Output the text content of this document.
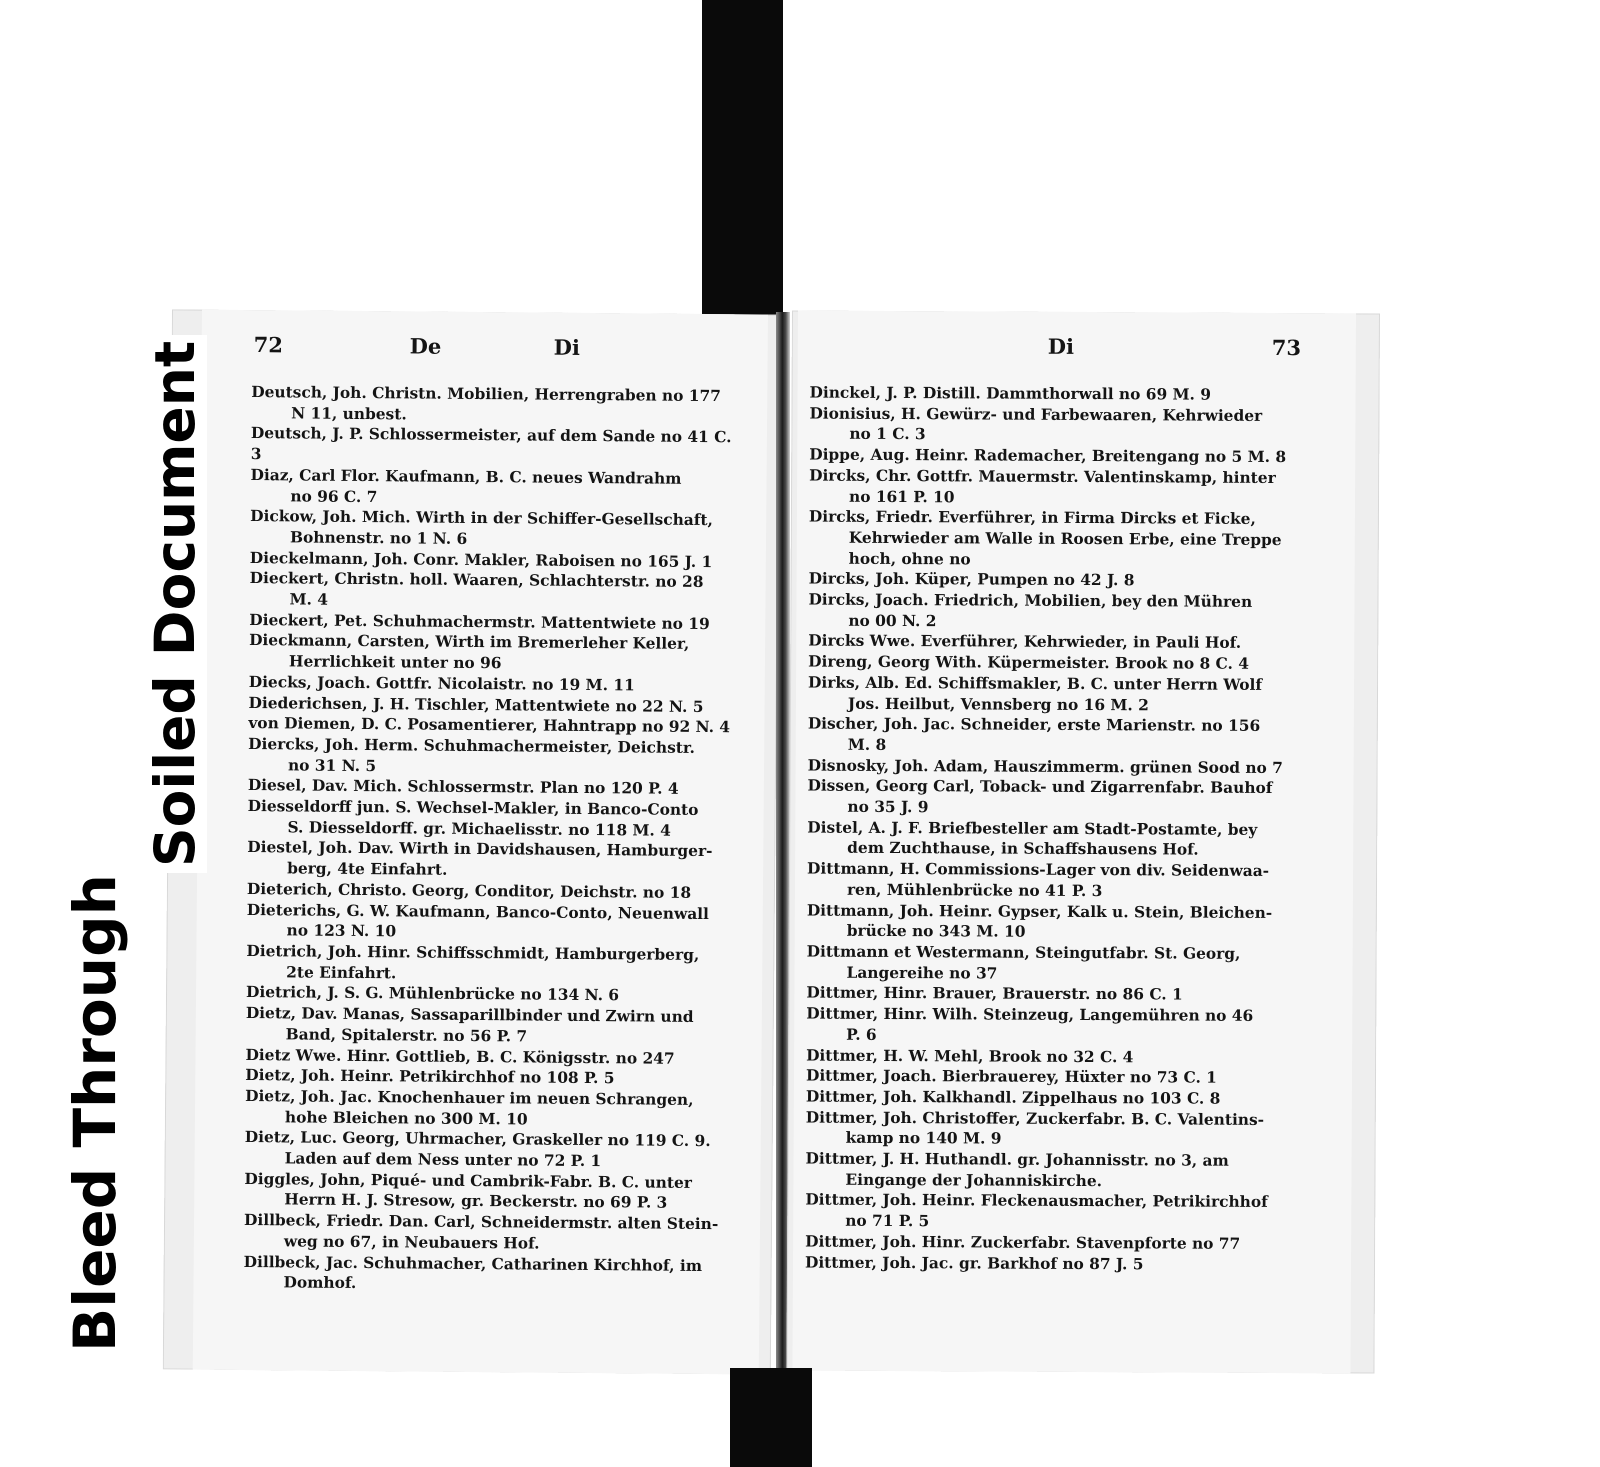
72	De	Di
Deutsch, Joh. Christn. Mobilien, Herrengraben no 177
N 11, unbest.
Deutsch, J. P. Schlossermeister, auf dem Sande no 41 C. 3
Diaz, Carl Flor. Kaufmann, B. C. neues Wandrahm
no 96 C. 7
Dickow, Joh. Mich. Wirth in der Schiffer-Gesellschaft,
Bohnenstr. no 1 N. 6
Dieckelmann, Joh. Conr. Makler, Raboisen no 165 J. 1
Dieckert, Christn. holl. Waaren, Schlachterstr. no 28
M. 4
Dieckert, Pet. Schuhmachermstr. Mattentwiete no 19
Dieckmann, Carsten, Wirth im Bremerleher Keller,
Herrlichkeit unter no 96
Diecks, Joach. Gottfr. Nicolaistr. no 19 M. 11
Diederichsen, J. H. Tischler, Mattentwiete no 22 N. 5
von Diemen, D. C. Posamentierer, Hahntrapp no 92 N. 4
Diercks, Joh. Herm. Schuhmachermeister, Deichstr.
no 31 N. 5
Diesel, Dav. Mich. Schlossermstr. Plan no 120 P. 4
Diesseldorff jun. S. Wechsel-Makler, in Banco-Conto
S. Diesseldorff. gr. Michaelisstr. no 118 M. 4
Diestel, Joh. Dav. Wirth in Davidshausen, Hamburger-
berg, 4te Einfahrt.
Dieterich, Christo. Georg, Conditor, Deichstr. no 18
Dieterichs, G. W. Kaufmann, Banco-Conto, Neuenwall
no 123 N. 10
Dietrich, Joh. Hinr. Schiffsschmidt, Hamburgerberg,
2te Einfahrt.
Dietrich, J. S. G. Mühlenbrücke no 134 N. 6
Dietz, Dav. Manas, Sassaparillbinder und Zwirn und
Band, Spitalerstr. no 56 P. 7
Dietz Wwe. Hinr. Gottlieb, B. C. Königsstr. no 247
Dietz, Joh. Heinr. Petrikirchhof no 108 P. 5
Dietz, Joh. Jac. Knochenhauer im neuen Schrangen,
hohe Bleichen no 300 M. 10
Dietz, Luc. Georg, Uhrmacher, Graskeller no 119 C. 9.
Laden auf dem Ness unter no 72 P. 1
Diggles, John, Piqué- und Cambrik-Fabr. B. C. unter
Herrn H. J. Stresow, gr. Beckerstr. no 69 P. 3
Dillbeck, Friedr. Dan. Carl, Schneidermstr. alten Stein-
weg no 67, in Neubauers Hof.
Dillbeck, Jac. Schuhmacher, Catharinen Kirchhof, im
Domhof.
Di	73
Dinckel, J. P. Distill. Dammthorwall no 69 M. 9
Dionisius, H. Gewürz- und Farbewaaren, Kehrwieder
no 1 C. 3
Dippe, Aug. Heinr. Rademacher, Breitengang no 5 M. 8
Dircks, Chr. Gottfr. Mauermstr. Valentinskamp, hinter
no 161 P. 10
Dircks, Friedr. Everführer, in Firma Dircks et Ficke,
Kehrwieder am Walle in Roosen Erbe, eine Treppe
hoch, ohne no
Dircks, Joh. Küper, Pumpen no 42 J. 8
Dircks, Joach. Friedrich, Mobilien, bey den Mühren
no 00 N. 2
Dircks Wwe. Everführer, Kehrwieder, in Pauli Hof.
Direng, Georg With. Küpermeister. Brook no 8 C. 4
Dirks, Alb. Ed. Schiffsmakler, B. C. unter Herrn Wolf
Jos. Heilbut, Vennsberg no 16 M. 2
Discher, Joh. Jac. Schneider, erste Marienstr. no 156
M. 8
Disnosky, Joh. Adam, Hauszimmerm. grünen Sood no 7
Dissen, Georg Carl, Toback- und Zigarrenfabr. Bauhof
no 35 J. 9
Distel, A. J. F. Briefbesteller am Stadt-Postamte, bey
dem Zuchthause, in Schaffshausens Hof.
Dittmann, H. Commissions-Lager von div. Seidenwaa-
ren, Mühlenbrücke no 41 P. 3
Dittmann, Joh. Heinr. Gypser, Kalk u. Stein, Bleichen-
brücke no 343 M. 10
Dittmann et Westermann, Steingutfabr. St. Georg,
Langereihe no 37
Dittmer, Hinr. Brauer, Brauerstr. no 86 C. 1
Dittmer, Hinr. Wilh. Steinzeug, Langemühren no 46
P. 6
Dittmer, H. W. Mehl, Brook no 32 C. 4
Dittmer, Joach. Bierbrauerey, Hüxter no 73 C. 1
Dittmer, Joh. Kalkhandl. Zippelhaus no 103 C. 8
Dittmer, Joh. Christoffer, Zuckerfabr. B. C. Valentins-
kamp no 140 M. 9
Dittmer, J. H. Huthandl. gr. Johannisstr. no 3, am
Eingange der Johanniskirche.
Dittmer, Joh. Heinr. Fleckenausmacher, Petrikirchhof
no 71 P. 5
Dittmer, Joh. Hinr. Zuckerfabr. Stavenpforte no 77
Dittmer, Joh. Jac. gr. Barkhof no 87 J. 5
Soiled Document
Bleed Through
